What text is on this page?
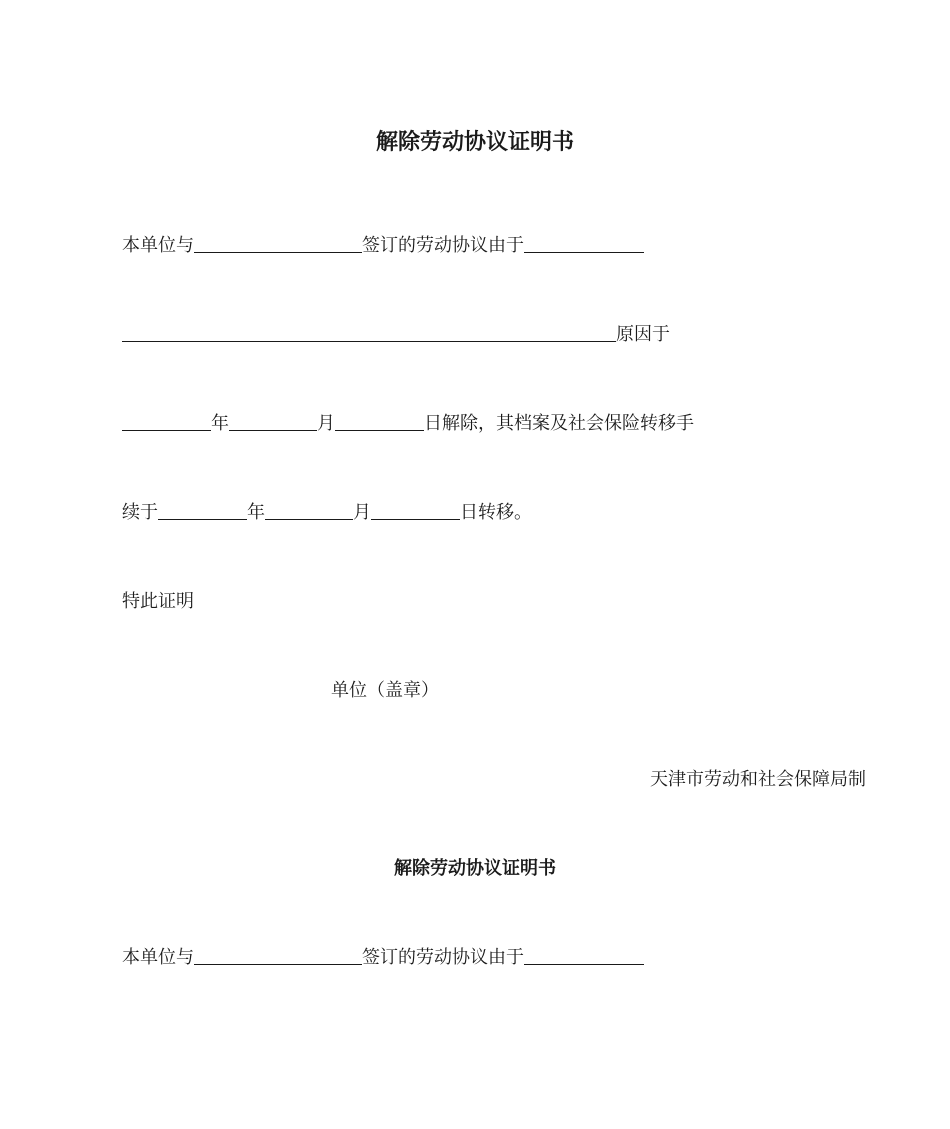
解除劳动协议证明书
本单位与	签订的劳动协议由于
原因于
年	月	日解除，其档案及社会保险转移手
续于	年	月	日转移。
特此证明
单位（盖章）
天津市劳动和社会保障局制
解除劳动协议证明书
本单位与	签订的劳动协议由于
